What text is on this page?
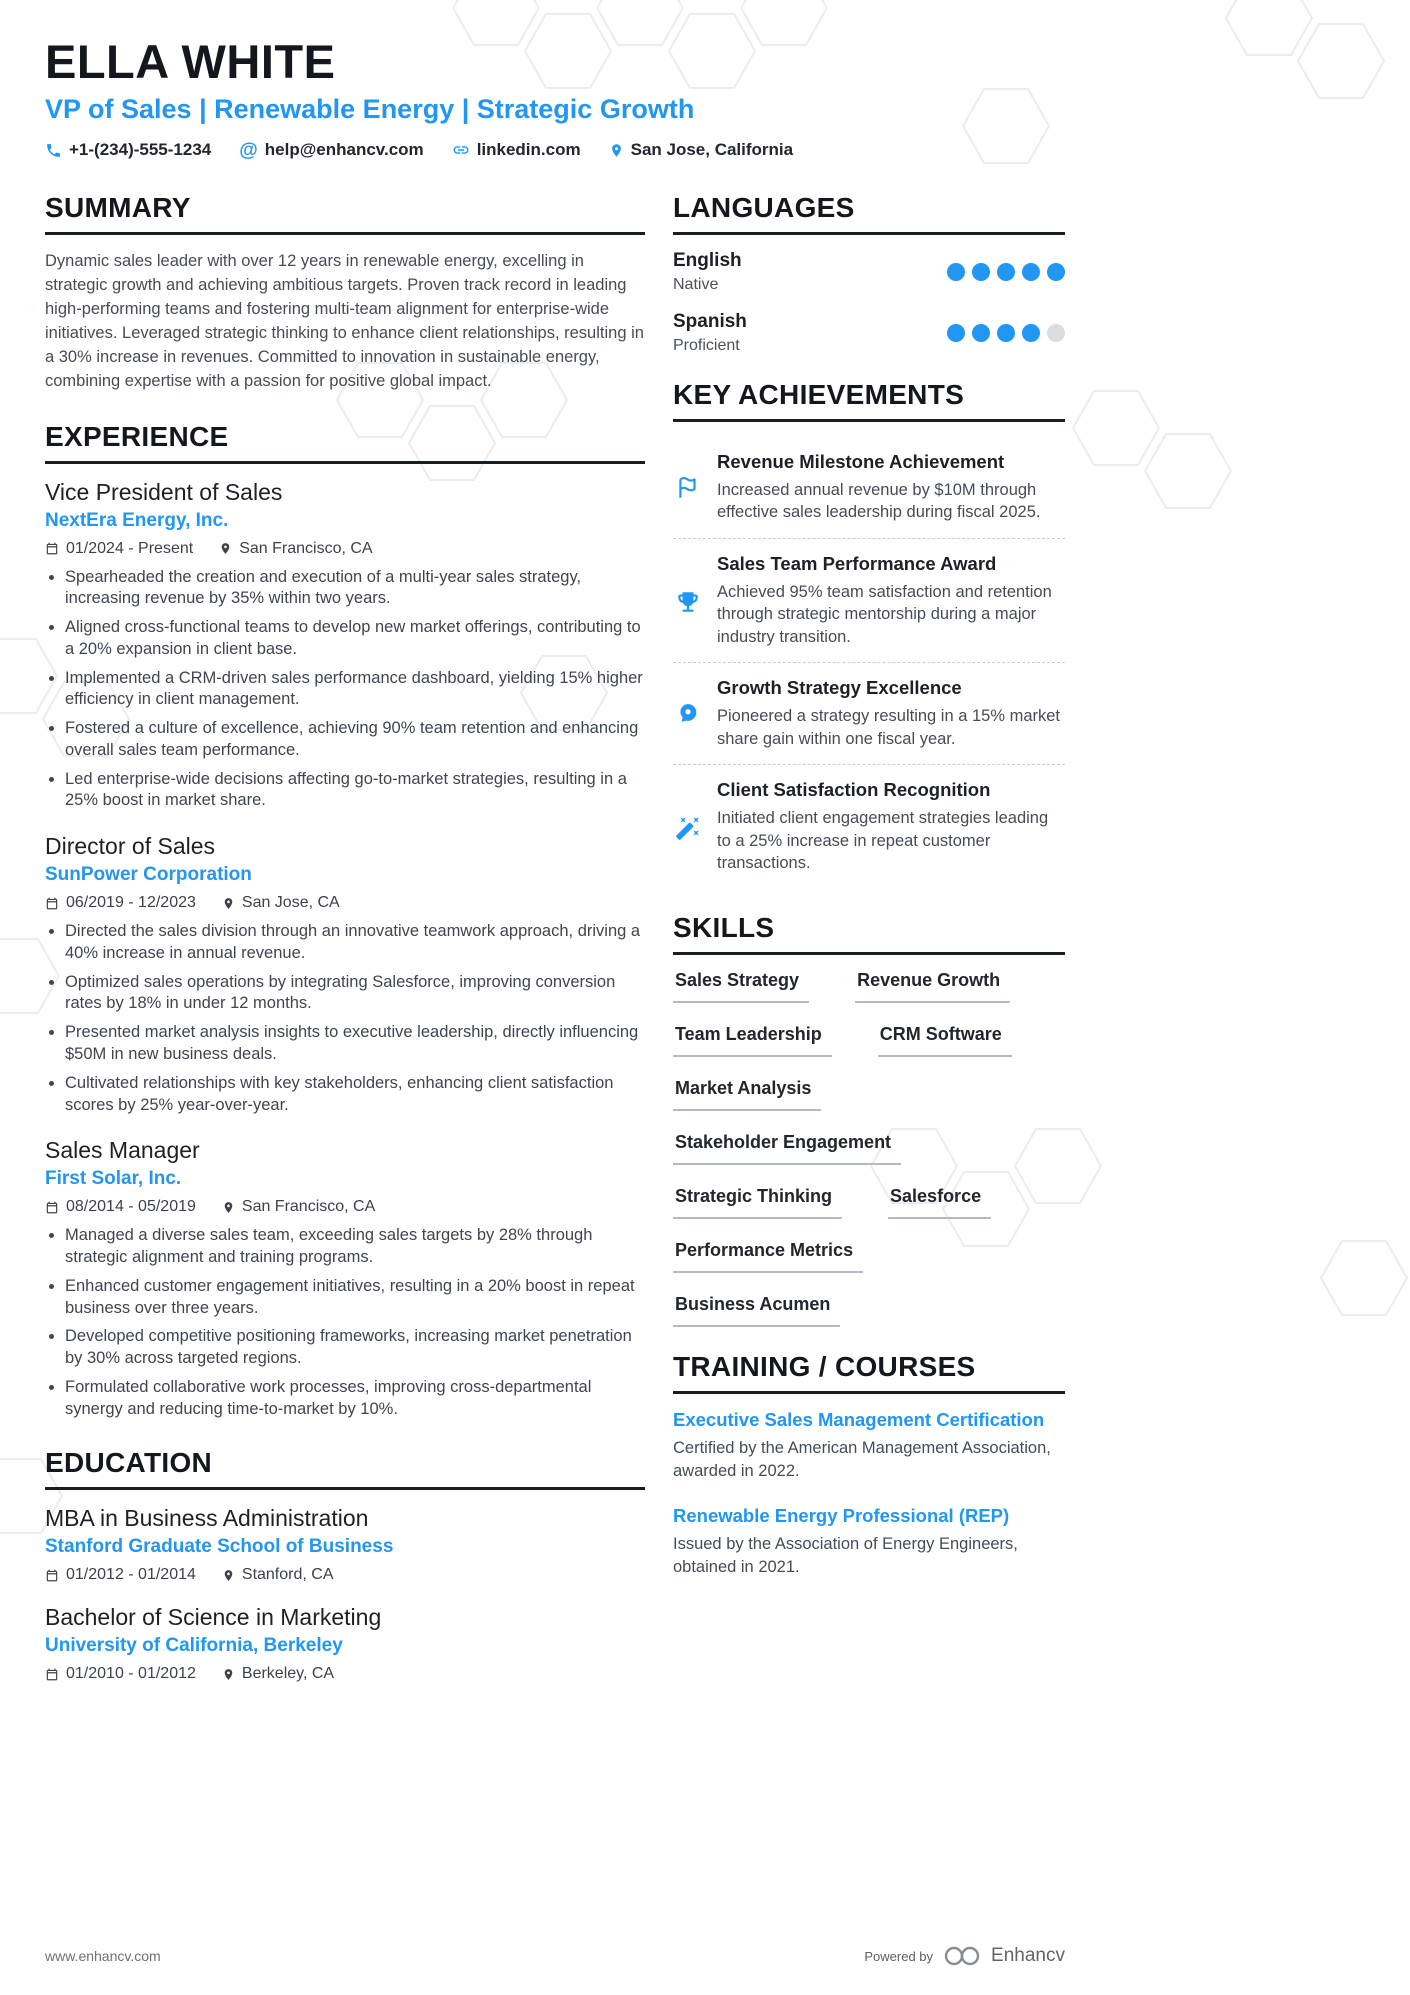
ELLA WHITE
VP of Sales | Renewable Energy | Strategic Growth
+1-(234)-555-1234 @ help@enhancv.com	linkedin.com	San Jose, California
SUMMARY

Dynamic sales leader with over 12 years in renewable energy, excelling in strategic growth and achieving ambitious targets. Proven track record in leading high-performing teams and fostering multi-team alignment for enterprise-wide initiatives. Leveraged strategic thinking to enhance client relationships, resulting in a 30% increase in revenues. Committed to innovation in sustainable energy, combining expertise with a passion for positive global impact.

EXPERIENCE
Vice President of Sales
NextEra Energy, Inc.
01/2024 - Present	San Francisco, CA
Spearheaded the creation and execution of a multi-year sales strategy, increasing revenue by 35% within two years.
Aligned cross-functional teams to develop new market offerings, contributing to a 20% expansion in client base.
Implemented a CRM-driven sales performance dashboard, yielding 15% higher efficiency in client management.
Fostered a culture of excellence, achieving 90% team retention and enhancing overall sales team performance.
Led enterprise-wide decisions affecting go-to-market strategies, resulting in a 25% boost in market share.
Director of Sales
SunPower Corporation
06/2019 - 12/2023	San Jose, CA
Directed the sales division through an innovative teamwork approach, driving a 40% increase in annual revenue.
Optimized sales operations by integrating Salesforce, improving conversion rates by 18% in under 12 months.
Presented market analysis insights to executive leadership, directly influencing $50M in new business deals.
Cultivated relationships with key stakeholders, enhancing client satisfaction scores by 25% year-over-year.
Sales Manager
First Solar, Inc.
08/2014 - 05/2019	San Francisco, CA
Managed a diverse sales team, exceeding sales targets by 28% through strategic alignment and training programs.
Enhanced customer engagement initiatives, resulting in a 20% boost in repeat business over three years.
Developed competitive positioning frameworks, increasing market penetration by 30% across targeted regions.
Formulated collaborative work processes, improving cross-departmental synergy and reducing time-to-market by 10%.
EDUCATION
MBA in Business Administration
Stanford Graduate School of Business
01/2012 - 01/2014	Stanford, CA
Bachelor of Science in Marketing
University of California, Berkeley
01/2010 - 01/2012	Berkeley, CA
LANGUAGES
English
Native
Spanish
Proficient
KEY ACHIEVEMENTS
Revenue Milestone Achievement
Increased annual revenue by $10M through effective sales leadership during fiscal 2025.
Sales Team Performance Award
Achieved 95% team satisfaction and retention through strategic mentorship during a major industry transition.
Growth Strategy Excellence
Pioneered a strategy resulting in a 15% market share gain within one fiscal year.
Client Satisfaction Recognition
Initiated client engagement strategies leading to a 25% increase in repeat customer transactions.
SKILLS
Sales Strategy	Revenue Growth
Team Leadership	CRM Software
Market Analysis
Stakeholder Engagement
Strategic Thinking	Salesforce
Performance Metrics
Business Acumen
TRAINING / COURSES
Executive Sales Management Certification
Certified by the American Management Association, awarded in 2022.
Renewable Energy Professional (REP)
Issued by the Association of Energy Engineers, obtained in 2021.
www.enhancv.com	Powered by	Enhancv
